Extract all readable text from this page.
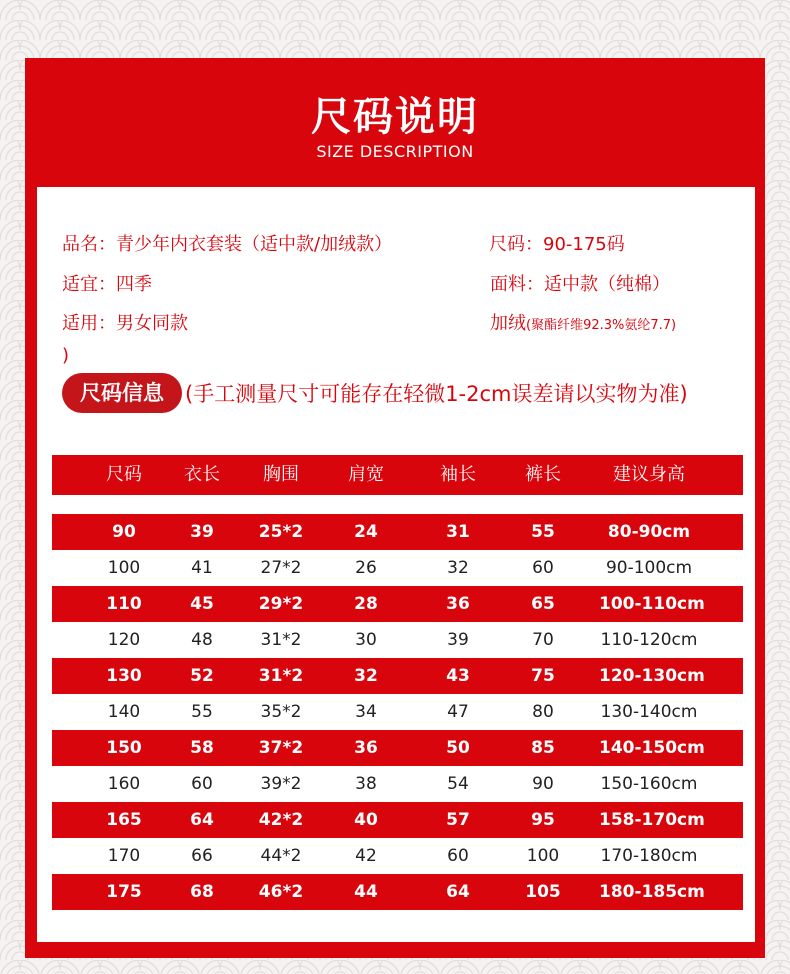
尺码说明
SIZE DESCRIPTION
品名：青少年内衣套装（适中款/加绒款）	尺码：90-175码
适宜：四季	面料：适中款（纯棉）
适用：男女同款	加绒(聚酯纤维92.3%氨纶7.7)
)
尺码信息	(手工测量尺寸可能存在轻微1-2cm误差请以实物为准)
尺码	衣长	胸围	肩宽	袖长	裤长	建议身高
90	39	25*2	24	31	55	80-90cm
100	41	27*2	26	32	60	90-100cm
110	45	29*2	28	36	65	100-110cm
120	48	31*2	30	39	70	110-120cm
130	52	31*2	32	43	75	120-130cm
140	55	35*2	34	47	80	130-140cm
150	58	37*2	36	50	85	140-150cm
160	60	39*2	38	54	90	150-160cm
165	64	42*2	40	57	95	158-170cm
170	66	44*2	42	60	100	170-180cm
175	68	46*2	44	64	105	180-185cm
